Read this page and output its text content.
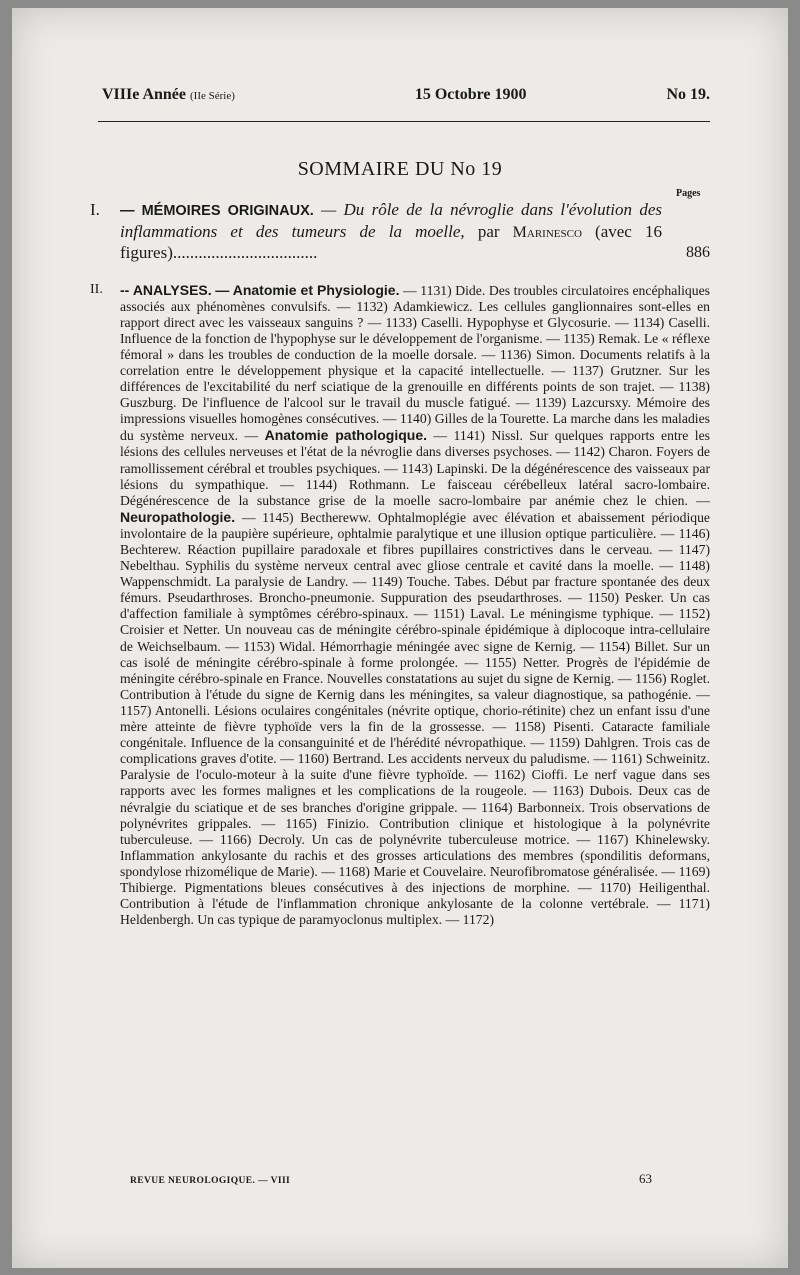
VIIIe Année (IIe Série)	15 Octobre 1900	No 19.
SOMMAIRE DU No 19
Pages
I. — MÉMOIRES ORIGINAUX. — Du rôle de la névroglie dans l'évolution des inflammations et des tumeurs de la moelle, par Marinesco (avec 16 figures)..................................	886
II. -- ANALYSES. — Anatomie et Physiologie. — 1131) Dide. Des troubles circulatoires encéphaliques associés aux phénomènes convulsifs. — 1132) Adamkiewicz. Les cellules ganglionnaires sont-elles en rapport direct avec les vaisseaux sanguins ? — 1133) Caselli. Hypophyse et Glycosurie. — 1134) Caselli. Influence de la fonction de l'hypophyse sur le développement de l'organisme. — 1135) Remak. Le « réflexe fémoral » dans les troubles de conduction de la moelle dorsale. — 1136) Simon. Documents relatifs à la correlation entre le développement physique et la capacité intellectuelle. — 1137) Grutzner. Sur les différences de l'excitabilité du nerf sciatique de la grenouille en différents points de son trajet. — 1138) Guszburg. De l'influence de l'alcool sur le travail du muscle fatigué. — 1139) Lazcursxy. Mémoire des impressions visuelles homogènes consécutives. — 1140) Gilles de la Tourette. La marche dans les maladies du système nerveux. — Anatomie pathologique. — 1141) Nissl. Sur quelques rapports entre les lésions des cellules nerveuses et l'état de la névroglie dans diverses psychoses. — 1142) Charon. Foyers de ramollissement cérébral et troubles psychiques. — 1143) Lapinski. De la dégénérescence des vaisseaux par lésions du sympathique. — 1144) Rothmann. Le faisceau cérébelleux latéral sacro-lombaire. Dégénérescence de la substance grise de la moelle sacro-lombaire par anémie chez le chien. — Neuropathologie. — 1145) Becthereww. Ophtalmoplégie avec élévation et abaissement périodique involontaire de la paupière supérieure, ophtalmie paralytique et une illusion optique particulière. — 1146) Bechterew. Réaction pupillaire paradoxale et fibres pupillaires constrictives dans le cerveau. — 1147) Nebelthau. Syphilis du système nerveux central avec gliose centrale et cavité dans la moelle. — 1148) Wappenschmidt. La paralysie de Landry. — 1149) Touche. Tabes. Début par fracture spontanée des deux fémurs. Pseudarthroses. Broncho-pneumonie. Suppuration des pseudarthroses. — 1150) Pesker. Un cas d'affection familiale à symptômes cérébro-spinaux. — 1151) Laval. Le méningisme typhique. — 1152) Croisier et Netter. Un nouveau cas de méningite cérébro-spinale épidémique à diplocoque intra-cellulaire de Weichselbaum. — 1153) Widal. Hémorrhagie méningée avec signe de Kernig. — 1154) Billet. Sur un cas isolé de méningite cérébro-spinale à forme prolongée. — 1155) Netter. Progrès de l'épidémie de méningite cérébro-spinale en France. Nouvelles constatations au sujet du signe de Kernig. — 1156) Roglet. Contribution à l'étude du signe de Kernig dans les méningites, sa valeur diagnostique, sa pathogénie. — 1157) Antonelli. Lésions oculaires congénitales (névrite optique, chorio-rétinite) chez un enfant issu d'une mère atteinte de fièvre typhoïde vers la fin de la grossesse. — 1158) Pisenti. Cataracte familiale congénitale. Influence de la consanguinité et de l'hérédité névropathique. — 1159) Dahlgren. Trois cas de complications graves d'otite. — 1160) Bertrand. Les accidents nerveux du paludisme. — 1161) Schweinitz. Paralysie de l'oculo-moteur à la suite d'une fièvre typhoïde. — 1162) Cioffi. Le nerf vague dans ses rapports avec les formes malignes et les complications de la rougeole. — 1163) Dubois. Deux cas de névralgie du sciatique et de ses branches d'origine grippale. — 1164) Barbonneix. Trois observations de polynévrites grippales. — 1165) Finizio. Contribution clinique et histologique à la polynévrite tuberculeuse. — 1166) Decroly. Un cas de polynévrite tuberculeuse motrice. — 1167) Khinelewsky. Inflammation ankylosante du rachis et des grosses articulations des membres (spondilitis deformans, spondylose rhizomélique de Marie). — 1168) Marie et Couvelaire. Neurofibromatose généralisée. — 1169) Thibierge. Pigmentations bleues consécutives à des injections de morphine. — 1170) Heiligenthal. Contribution à l'étude de l'inflammation chronique ankylosante de la colonne vertébrale. — 1171) Heldenbergh. Un cas typique de paramyoclonus multiplex. — 1172)

REVUE NEUROLOGIQUE. — VIII	63
